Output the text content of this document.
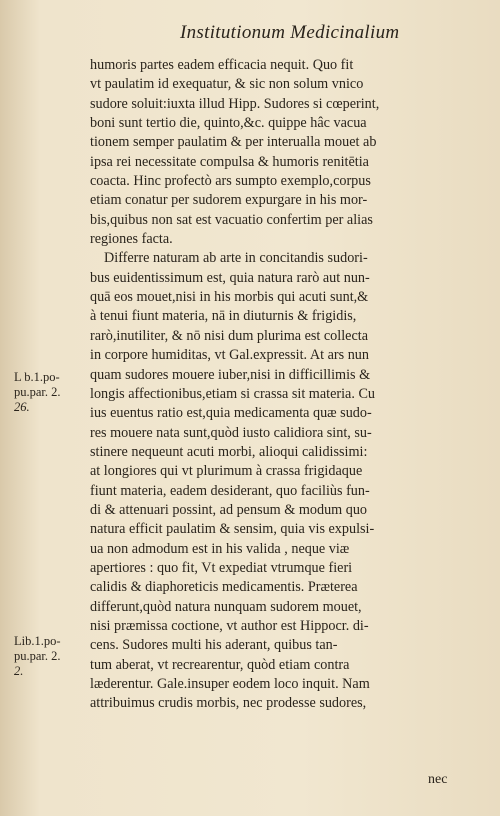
Institutionum Medicinalium
humoris partes eadem efficacia nequit. Quo fit
vt paulatim id exequatur, & sic non solum vnico
sudore soluit:iuxta illud Hipp. Sudores si cœperint,
boni sunt tertio die, quinto,&c. quippe hâc vacua
tionem semper paulatim & per interualla mouet ab
ipsa rei necessitate compulsa & humoris renitētia
coacta. Hinc profectò ars sumpto exemplo,corpus
etiam conatur per sudorem expurgare in his mor-
bis,quibus non sat est vacuatio confertim per alias
regiones facta.
Differre naturam ab arte in concitandis sudori-
bus euidentissimum est, quia natura rarò aut nun-
quā eos mouet,nisi in his morbis qui acuti sunt,&
à tenui fiunt materia, nā in diuturnis & frigidis,
rarò,inutiliter, & nō nisi dum plurima est collecta
in corpore humiditas, vt Gal.expressit. At ars nun
quam sudores mouere iuber,nisi in difficillimis &
longis affectionibus,etiam si crassa sit materia. Cu
ius euentus ratio est,quia medicamenta quæ sudo-
res mouere nata sunt,quòd iusto calidiora sint, su-
stinere nequeunt acuti morbi, alioqui calidissimi:
at longiores qui vt plurimum à crassa frigidaque
fiunt materia, eadem desiderant, quo faciliùs fun-
di & attenuari possint, ad pensum & modum quo
natura efficit paulatim & sensim, quia vis expulsi-
ua non admodum est in his valida , neque viæ
apertiores : quo fit, Vt expediat vtrumque fieri
calidis & diaphoreticis medicamentis. Præterea
differunt,quòd natura nunquam sudorem mouet,
nisi præmissa coctione, vt author est Hippocr. di-
cens. Sudores multi his aderant, quibus tan-
tum aberat, vt recrearentur, quòd etiam contra
læderentur. Gale.insuper eodem loco inquit. Nam
attribuimus crudis morbis, nec prodesse sudores,
L b.1.po-
pu.par. 2.
26.
Lib.1.po-
pu.par. 2.
2.
nec
